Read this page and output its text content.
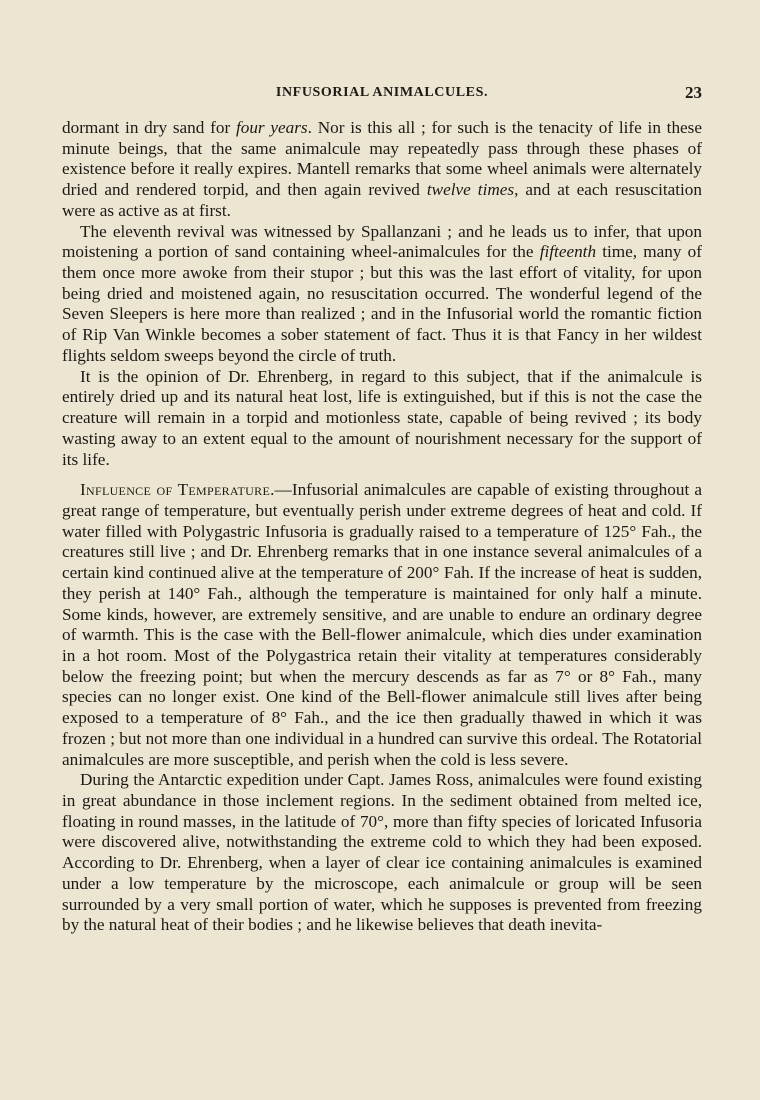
INFUSORIAL ANIMALCULES.	23

dormant in dry sand for four years. Nor is this all ; for such is the tenacity of life in these minute beings, that the same animalcule may repeatedly pass through these phases of existence before it really expires. Mantell remarks that some wheel animals were alternately dried and rendered torpid, and then again revived twelve times, and at each resuscitation were as active as at first.

The eleventh revival was witnessed by Spallanzani ; and he leads us to infer, that upon moistening a portion of sand containing wheel-animalcules for the fifteenth time, many of them once more awoke from their stupor ; but this was the last effort of vitality, for upon being dried and moistened again, no resuscitation occurred. The wonderful legend of the Seven Sleepers is here more than realized ; and in the Infusorial world the romantic fiction of Rip Van Winkle becomes a sober statement of fact. Thus it is that Fancy in her wildest flights seldom sweeps beyond the circle of truth.

It is the opinion of Dr. Ehrenberg, in regard to this subject, that if the animalcule is entirely dried up and its natural heat lost, life is extinguished, but if this is not the case the creature will remain in a torpid and motionless state, capable of being revived ; its body wasting away to an extent equal to the amount of nourishment necessary for the support of its life.

Influence of Temperature.—Infusorial animalcules are capable of existing throughout a great range of temperature, but eventually perish under extreme degrees of heat and cold. If water filled with Polygastric Infusoria is gradually raised to a temperature of 125° Fah., the creatures still live ; and Dr. Ehrenberg remarks that in one instance several animalcules of a certain kind continued alive at the temperature of 200° Fah. If the increase of heat is sudden, they perish at 140° Fah., although the temperature is maintained for only half a minute. Some kinds, however, are extremely sensitive, and are unable to endure an ordinary degree of warmth. This is the case with the Bell-flower animalcule, which dies under examination in a hot room. Most of the Polygastrica retain their vitality at temperatures considerably below the freezing point; but when the mercury descends as far as 7° or 8° Fah., many species can no longer exist. One kind of the Bell-flower animalcule still lives after being exposed to a temperature of 8° Fah., and the ice then gradually thawed in which it was frozen ; but not more than one individual in a hundred can survive this ordeal. The Rotatorial animalcules are more susceptible, and perish when the cold is less severe.

During the Antarctic expedition under Capt. James Ross, animalcules were found existing in great abundance in those inclement regions. In the sediment obtained from melted ice, floating in round masses, in the latitude of 70°, more than fifty species of loricated Infusoria were discovered alive, notwithstanding the extreme cold to which they had been exposed. According to Dr. Ehrenberg, when a layer of clear ice containing animalcules is examined under a low temperature by the microscope, each animalcule or group will be seen surrounded by a very small portion of water, which he supposes is prevented from freezing by the natural heat of their bodies ; and he likewise believes that death inevita-
